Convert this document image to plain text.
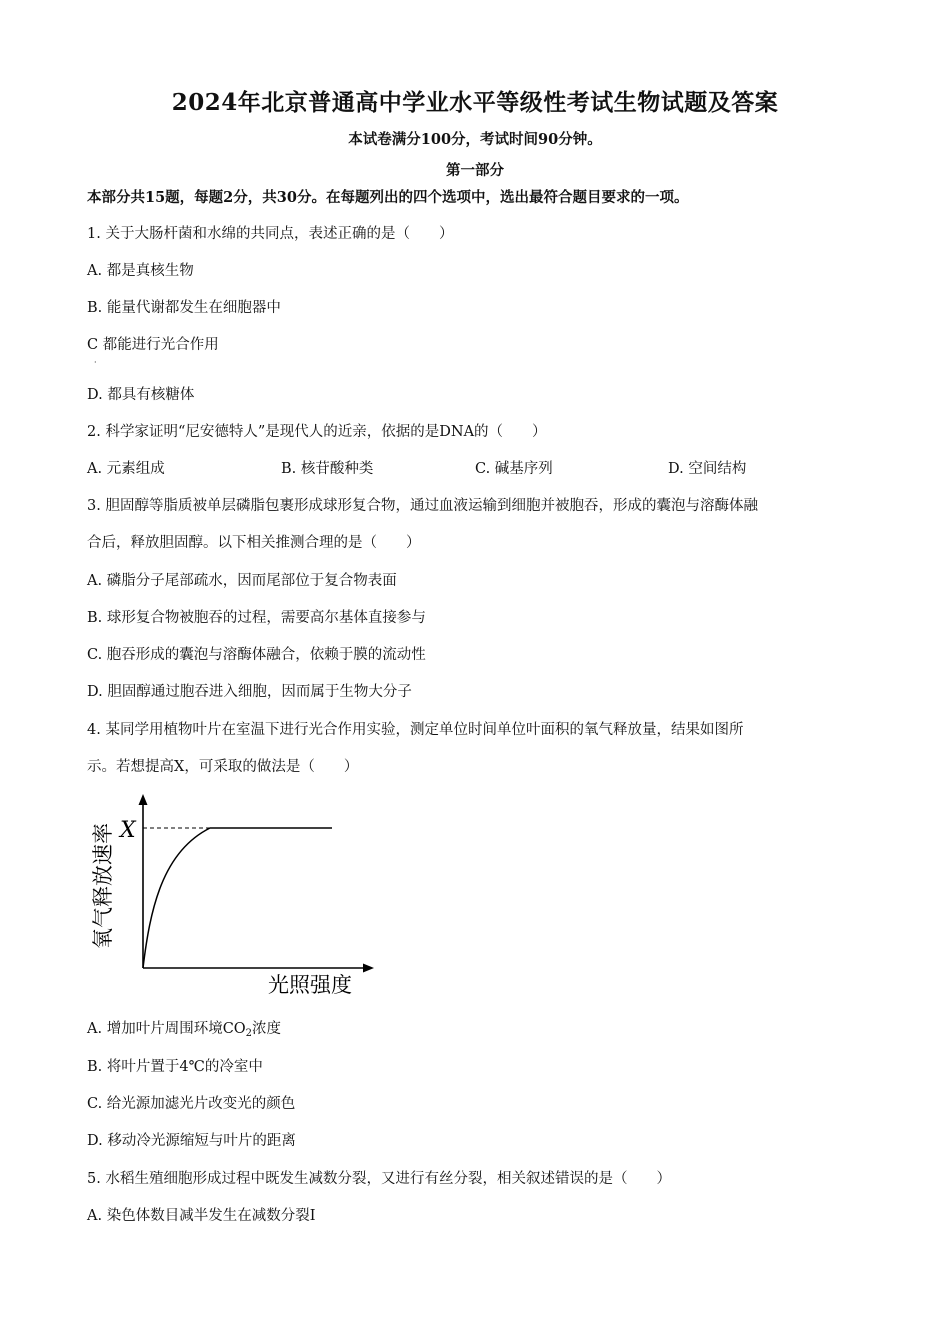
2024年北京普通高中学业水平等级性考试生物试题及答案
本试卷满分100分，考试时间90分钟。
第一部分
本部分共15题，每题2分，共30分。在每题列出的四个选项中，选出最符合题目要求的一项。
1. 关于大肠杆菌和水绵的共同点，表述正确的是（　　）
A. 都是真核生物
B. 能量代谢都发生在细胞器中
C 都能进行光合作用
·
D. 都具有核糖体
2. 科学家证明“尼安德特人”是现代人的近亲，依据的是DNA的（　　）
A. 元素组成	B. 核苷酸种类	C. 碱基序列	D. 空间结构
3. 胆固醇等脂质被单层磷脂包裹形成球形复合物，通过血液运输到细胞并被胞吞，形成的囊泡与溶酶体融
合后，释放胆固醇。以下相关推测合理的是（　　）
A. 磷脂分子尾部疏水，因而尾部位于复合物表面
B. 球形复合物被胞吞的过程，需要高尔基体直接参与
C. 胞吞形成的囊泡与溶酶体融合，依赖于膜的流动性
D. 胆固醇通过胞吞进入细胞，因而属于生物大分子
4. 某同学用植物叶片在室温下进行光合作用实验，测定单位时间单位叶面积的氧气释放量，结果如图所
示。若想提高X，可采取的做法是（　　）
X
氧气释放速率
光照强度
A. 增加叶片周围环境$CO_2$浓度
B. 将叶片置于4℃的冷室中
C. 给光源加滤光片改变光的颜色
D. 移动冷光源缩短与叶片的距离
5. 水稻生殖细胞形成过程中既发生减数分裂，又进行有丝分裂，相关叙述错误的是（　　）
A. 染色体数目减半发生在减数分裂Ⅰ
